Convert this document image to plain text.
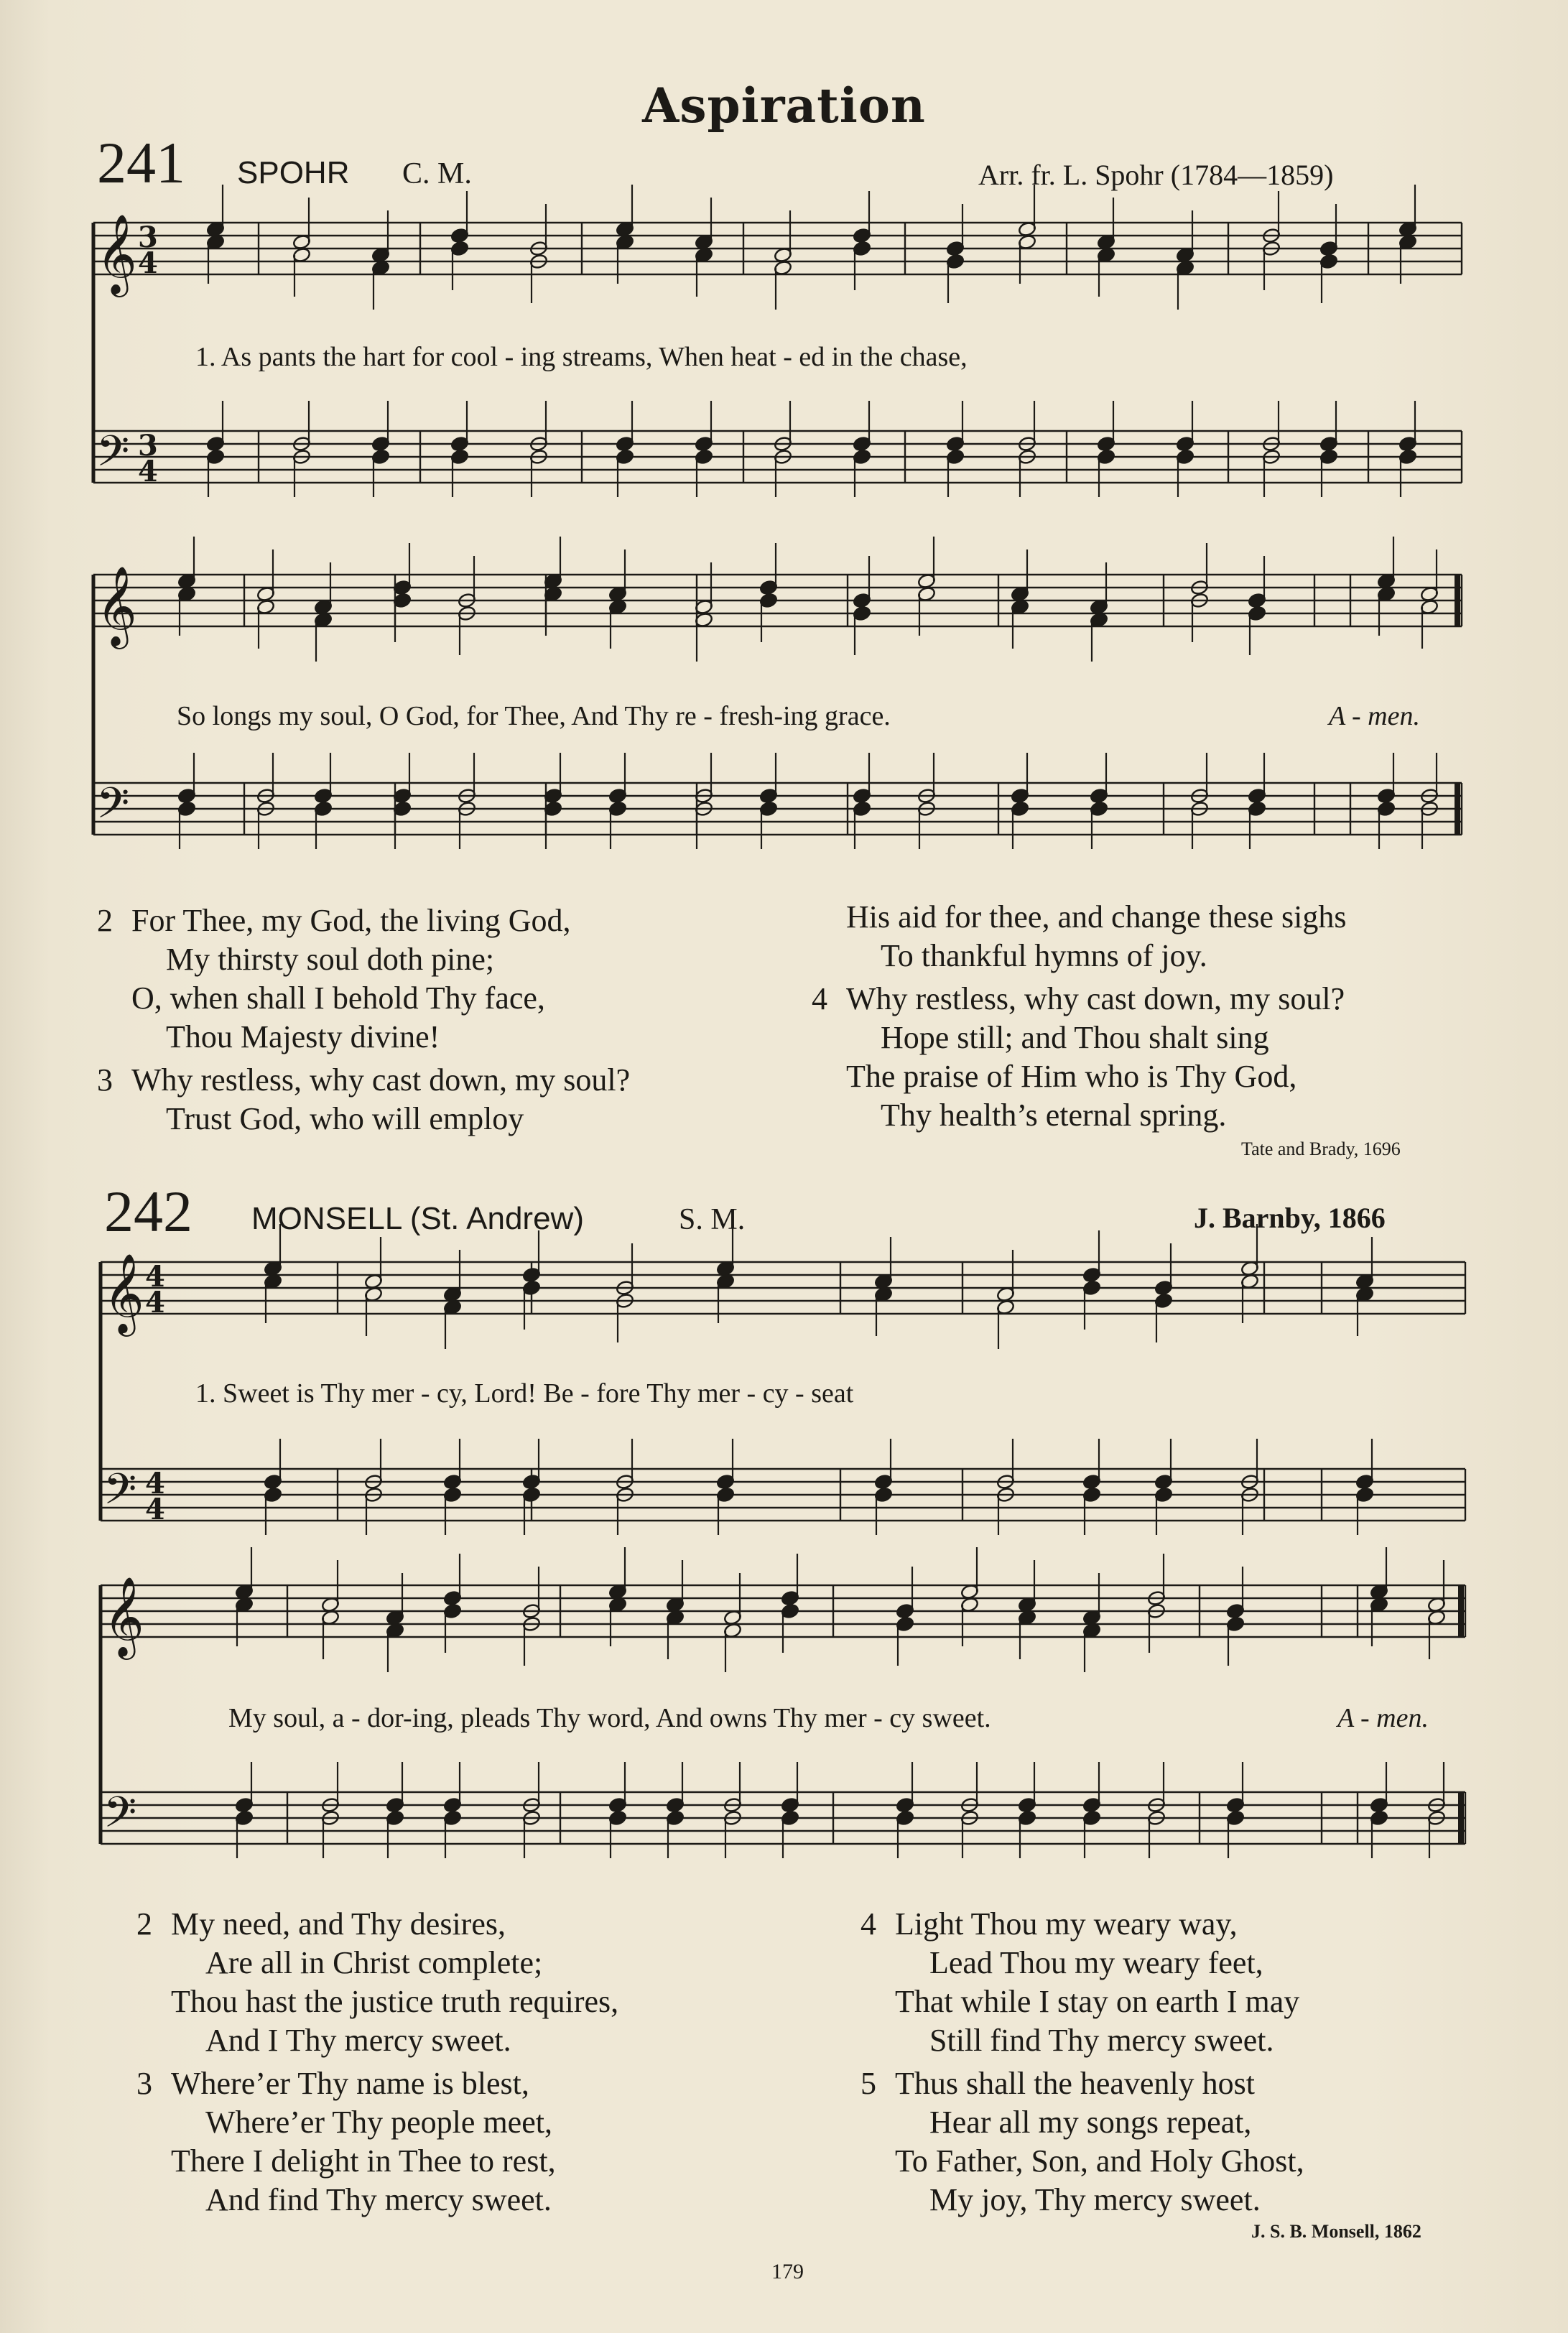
Aspiration
241 SPOHR C. M.	Arr. fr. L. Spohr (1784—1859)
𝄞
𝄢
3
4
3
4
1. As pants the hart for cool - ing streams, When heat - ed in the chase,
𝄞
𝄢
So longs my soul, O God, for Thee, And Thy re - fresh-ing grace.	A - men.
2 For Thee, my God, the living God,
My thirsty soul doth pine;
O, when shall I behold Thy face,
Thou Majesty divine!
3 Why restless, why cast down, my soul?
Trust God, who will employ
His aid for thee, and change these sighs
To thankful hymns of joy.
4 Why restless, why cast down, my soul?
Hope still; and Thou shalt sing
The praise of Him who is Thy God,
Thy health’s eternal spring.
Tate and Brady, 1696
242 MONSELL (St. Andrew)	S. M.	J. Barnby, 1866
𝄞
𝄢
4
4
4
4
1. Sweet is Thy mer - cy, Lord! Be - fore Thy mer - cy - seat
𝄞
𝄢
My soul, a - dor-ing, pleads Thy word, And owns Thy mer - cy sweet.	A - men.
2 My need, and Thy desires,
Are all in Christ complete;
Thou hast the justice truth requires,
And I Thy mercy sweet.
3 Where’er Thy name is blest,
Where’er Thy people meet,
There I delight in Thee to rest,
And find Thy mercy sweet.
4 Light Thou my weary way,
Lead Thou my weary feet,
That while I stay on earth I may
Still find Thy mercy sweet.
5 Thus shall the heavenly host
Hear all my songs repeat,
To Father, Son, and Holy Ghost,
My joy, Thy mercy sweet.
J. S. B. Monsell, 1862
179
